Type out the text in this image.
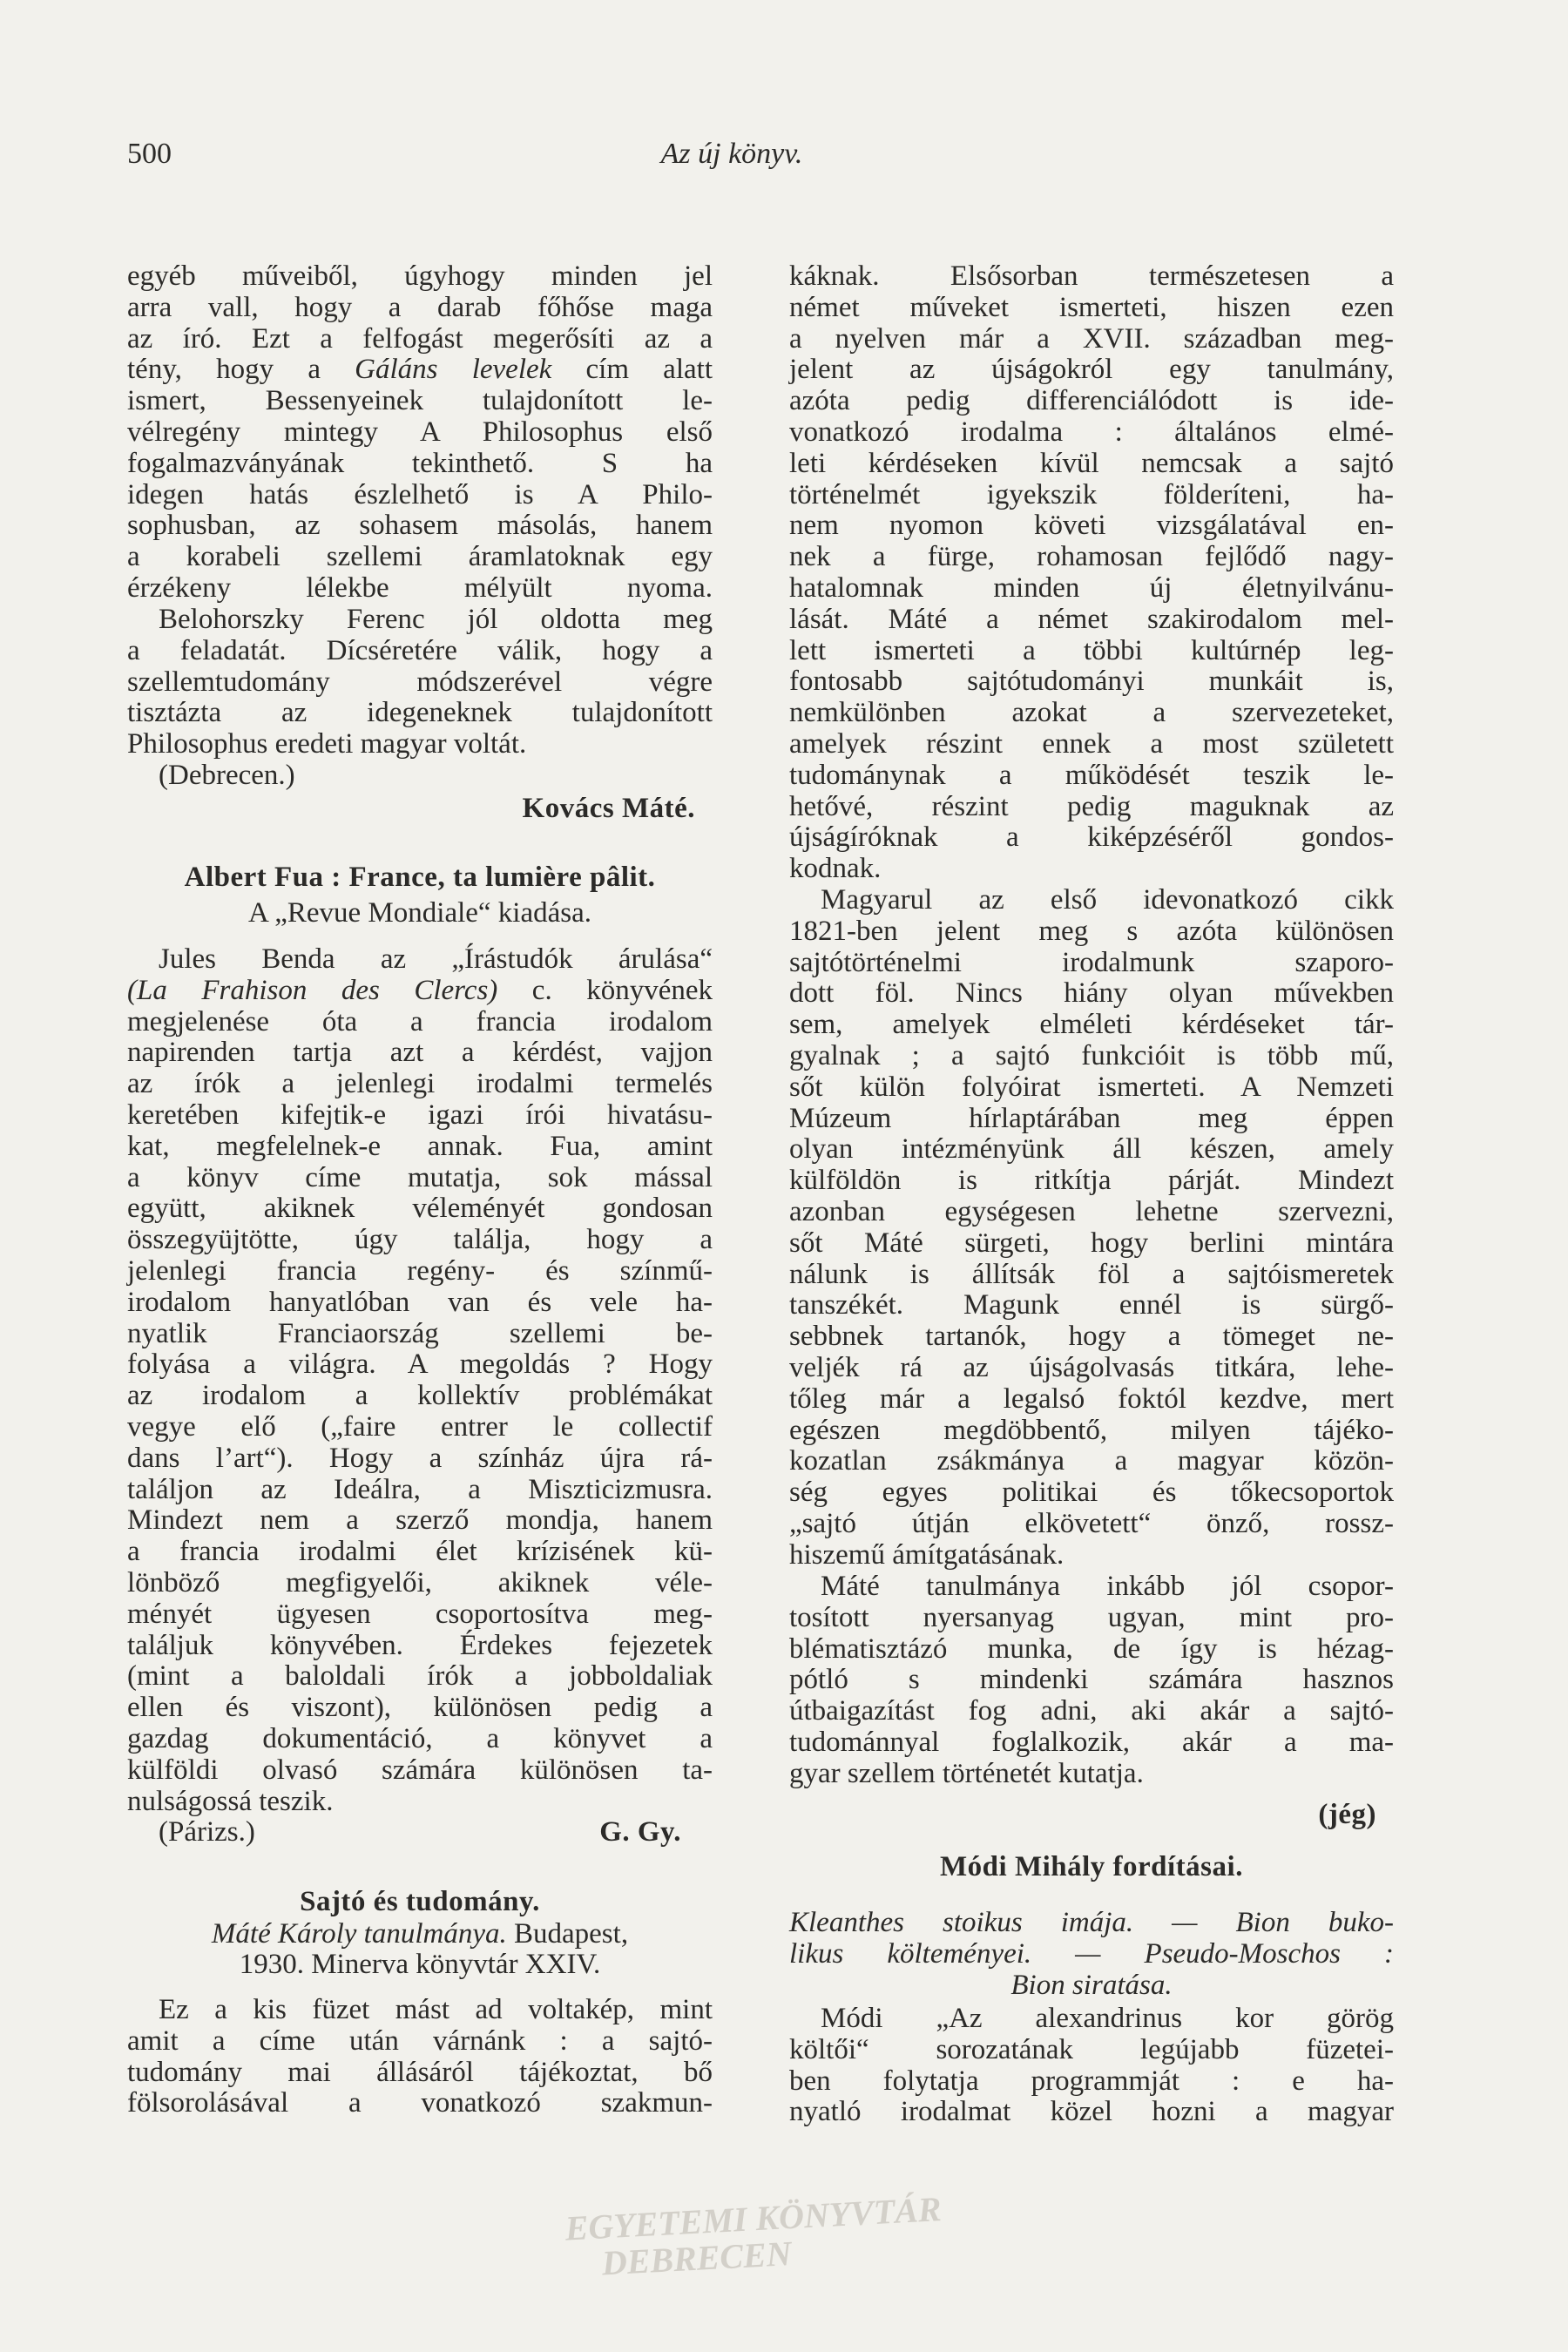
500	Az új könyv.
egyéb műveiből, úgyhogy minden jel
arra vall, hogy a darab főhőse maga
az író. Ezt a felfogást megerősíti az a
tény, hogy a Gáláns levelek cím alatt
ismert, Bessenyeinek tulajdonított le-
vélregény mintegy A Philosophus első
fogalmazványának tekinthető. S ha
idegen hatás észlelhető is A Philo-
sophusban, az sohasem másolás, hanem
a korabeli szellemi áramlatoknak egy
érzékeny lélekbe mélyült nyoma.
Belohorszky Ferenc jól oldotta meg
a feladatát. Dícséretére válik, hogy a
szellemtudomány módszerével végre
tisztázta az idegeneknek tulajdonított
Philosophus eredeti magyar voltát.
(Debrecen.)
Kovács Máté.
Albert Fua : France, ta lumière pâlit.
A „Revue Mondiale“ kiadása.
Jules Benda az „Írástudók árulása“
(La Frahison des Clercs) c. könyvének
megjelenése óta a francia irodalom
napirenden tartja azt a kérdést, vajjon
az írók a jelenlegi irodalmi termelés
keretében kifejtik-e igazi írói hivatásu-
kat, megfelelnek-e annak. Fua, amint
a könyv címe mutatja, sok mással
együtt, akiknek véleményét gondosan
összegyüjtötte, úgy találja, hogy a
jelenlegi francia regény- és színmű-
irodalom hanyatlóban van és vele ha-
nyatlik Franciaország szellemi be-
folyása a világra. A megoldás ? Hogy
az irodalom a kollektív problémákat
vegye elő („faire entrer le collectif
dans l’art“). Hogy a színház újra rá-
találjon az Ideálra, a Miszticizmusra.
Mindezt nem a szerző mondja, hanem
a francia irodalmi élet krízisének kü-
lönböző megfigyelői, akiknek véle-
ményét ügyesen csoportosítva meg-
találjuk könyvében. Érdekes fejezetek
(mint a baloldali írók a jobboldaliak
ellen és viszont), különösen pedig a
gazdag dokumentáció, a könyvet a
külföldi olvasó számára különösen ta-
nulságossá teszik.
(Párizs.)	G. Gy.
Sajtó és tudomány.
Máté Károly tanulmánya. Budapest,
1930. Minerva könyvtár XXIV.
Ez a kis füzet mást ad voltakép, mint
amit a címe után várnánk : a sajtó-
tudomány mai állásáról tájékoztat, bő
fölsorolásával a vonatkozó szakmun-
káknak. Elsősorban természetesen a
német műveket ismerteti, hiszen ezen
a nyelven már a XVII. században meg-
jelent az újságokról egy tanulmány,
azóta pedig differenciálódott is ide-
vonatkozó irodalma : általános elmé-
leti kérdéseken kívül nemcsak a sajtó
történelmét igyekszik földeríteni, ha-
nem nyomon követi vizsgálatával en-
nek a fürge, rohamosan fejlődő nagy-
hatalomnak minden új életnyilvánu-
lását. Máté a német szakirodalom mel-
lett ismerteti a többi kultúrnép leg-
fontosabb sajtótudományi munkáit is,
nemkülönben azokat a szervezeteket,
amelyek részint ennek a most született
tudománynak a működését teszik le-
hetővé, részint pedig maguknak az
újságíróknak a kiképzéséről gondos-
kodnak.
Magyarul az első idevonatkozó cikk
1821-ben jelent meg s azóta különösen
sajtótörténelmi irodalmunk szaporo-
dott föl. Nincs hiány olyan művekben
sem, amelyek elméleti kérdéseket tár-
gyalnak ; a sajtó funkcióit is több mű,
sőt külön folyóirat ismerteti. A Nemzeti
Múzeum hírlaptárában meg éppen
olyan intézményünk áll készen, amely
külföldön is ritkítja párját. Mindezt
azonban egységesen lehetne szervezni,
sőt Máté sürgeti, hogy berlini mintára
nálunk is állítsák föl a sajtóismeretek
tanszékét. Magunk ennél is sürgő-
sebbnek tartanók, hogy a tömeget ne-
veljék rá az újságolvasás titkára, lehe-
tőleg már a legalsó foktól kezdve, mert
egészen megdöbbentő, milyen tájéko-
kozatlan zsákmánya a magyar közön-
ség egyes politikai és tőkecsoportok
„sajtó útján elkövetett“ önző, rossz-
hiszemű ámítgatásának.
Máté tanulmánya inkább jól csopor-
tosított nyersanyag ugyan, mint pro-
blématisztázó munka, de így is hézag-
pótló s mindenki számára hasznos
útbaigazítást fog adni, aki akár a sajtó-
tudománnyal foglalkozik, akár a ma-
gyar szellem történetét kutatja.
(jég)
Módi Mihály fordításai.
Kleanthes stoikus imája. — Bion buko-
likus költeményei. — Pseudo-Moschos :
Bion siratása.
Módi „Az alexandrinus kor görög
költői“ sorozatának legújabb füzetei-
ben folytatja programmját : e ha-
nyatló irodalmat közel hozni a magyar
EGYETEMI KÖNYVTÁR
DEBRECEN
